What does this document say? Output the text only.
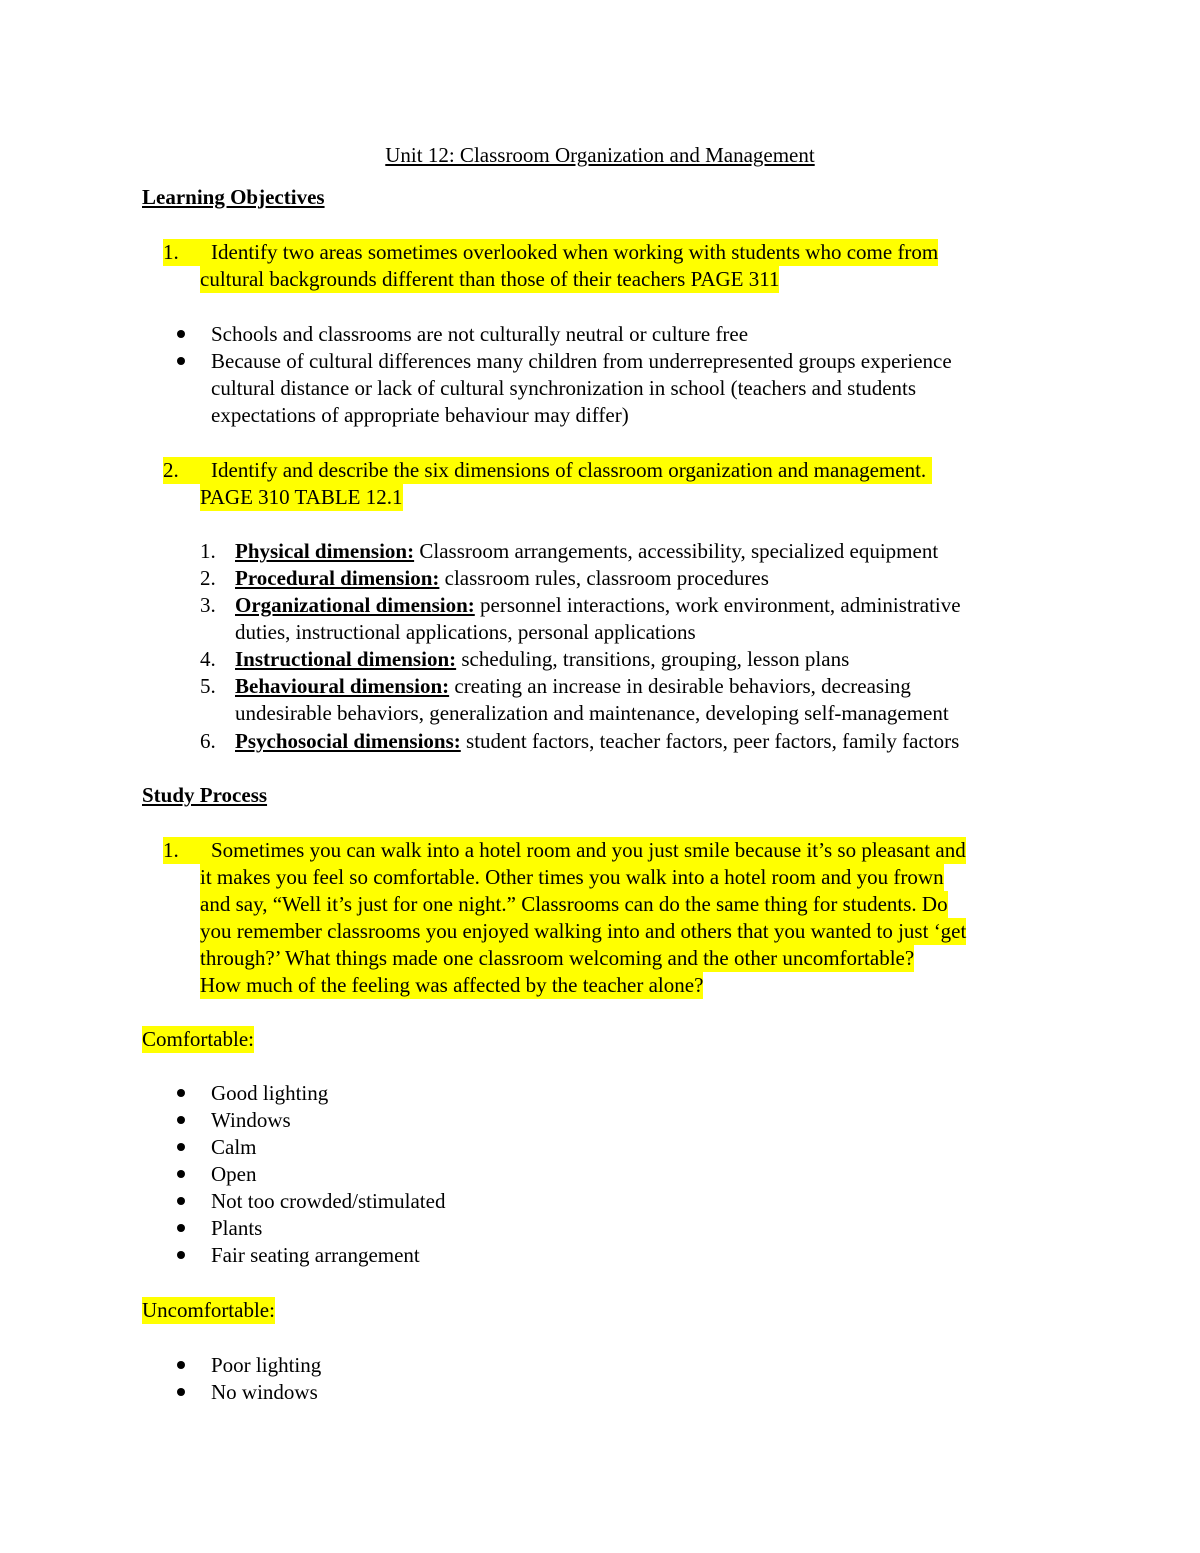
Unit 12: Classroom Organization and Management
Learning Objectives
1.	Identify two areas sometimes overlooked when working with students who come from
cultural backgrounds different than those of their teachers PAGE 311
Schools and classrooms are not culturally neutral or culture free
Because of cultural differences many children from underrepresented groups experience
cultural distance or lack of cultural synchronization in school (teachers and students
expectations of appropriate behaviour may differ)
2.	Identify and describe the six dimensions of classroom organization and management.
PAGE 310 TABLE 12.1
1. Physical dimension: Classroom arrangements, accessibility, specialized equipment
2. Procedural dimension: classroom rules, classroom procedures
3. Organizational dimension: personnel interactions, work environment, administrative
duties, instructional applications, personal applications
4. Instructional dimension: scheduling, transitions, grouping, lesson plans
5. Behavioural dimension: creating an increase in desirable behaviors, decreasing
undesirable behaviors, generalization and maintenance, developing self-management
6. Psychosocial dimensions: student factors, teacher factors, peer factors, family factors
Study Process
1.	Sometimes you can walk into a hotel room and you just smile because it’s so pleasant and
it makes you feel so comfortable. Other times you walk into a hotel room and you frown
and say, “Well it’s just for one night.” Classrooms can do the same thing for students. Do
you remember classrooms you enjoyed walking into and others that you wanted to just ‘get
through?’ What things made one classroom welcoming and the other uncomfortable?
How much of the feeling was affected by the teacher alone?
Comfortable:
Good lighting
Windows
Calm
Open
Not too crowded/stimulated
Plants
Fair seating arrangement
Uncomfortable:
Poor lighting
No windows
